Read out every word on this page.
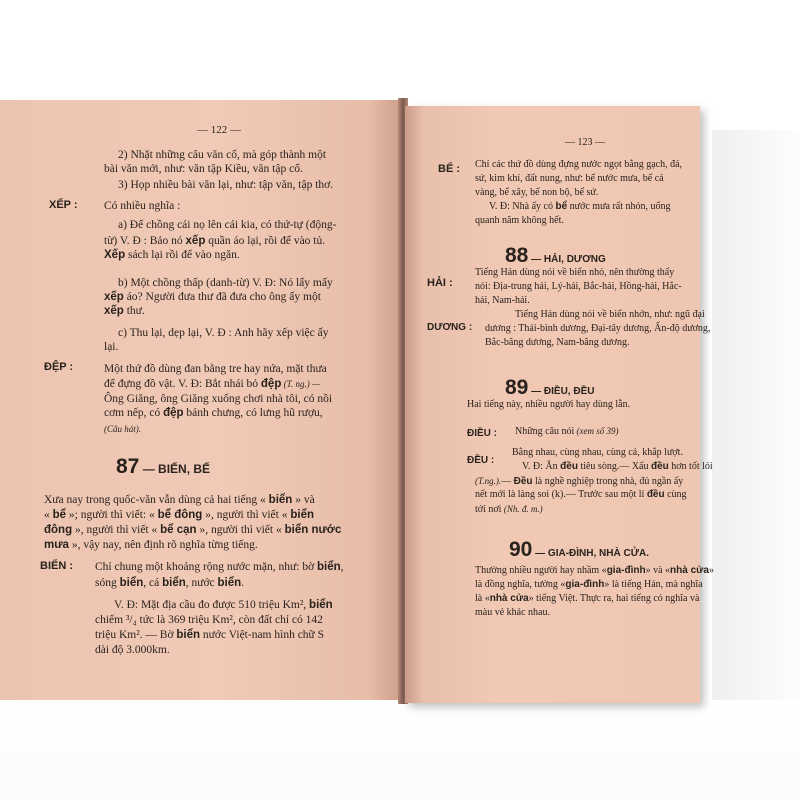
— 122 —
2) Nhặt những câu văn cổ, mà góp thành một
bài văn mới, như: văn tập Kiều, văn tập cổ.
3) Họp nhiều bài văn lại, như: tập văn, tập thơ.
XẾP : Có nhiều nghĩa :
a) Để chồng cái nọ lên cái kia, có thứ-tự (động-
từ) V. Đ : Bảo nó xếp quần áo lại, rồi để vào tủ.
Xếp sách lại rồi để vào ngăn.
b) Một chồng thấp (danh-từ) V. Đ: Nó lấy mấy
xếp áo? Người đưa thư đã đưa cho ông ấy một
xếp thư.
c) Thu lại, dẹp lại, V. Đ : Anh hãy xếp việc ấy
lại.
ĐỆP :	Một thứ đồ dùng đan bằng tre hay nứa, mặt thưa
để đựng đồ vật. V. Đ: Bắt nhái bỏ đệp (T. ng.) —
Ông Giăng, ông Giăng xuống chơi nhà tôi, có nồi
cơm nếp, có đệp bánh chưng, có lưng hũ rượu,
(Câu hát).
87 — BIỂN, BỂ
Xưa nay trong quốc-văn vẫn dùng cả hai tiếng « biển » và
« bể »; người thì viết: « bể đông », người thì viết « biển
đông », người thì viết « bể cạn », người thì viết « biển nước
mưa », vậy nay, nên định rõ nghĩa từng tiếng.
BIỂN : Chỉ chung một khoảng rộng nước mặn, như: bờ biển,
sóng biển, cá biển, nước biển.
V. Đ: Mặt địa cầu đo được 510 triệu Km², biển
chiếm ³/₄ tức là 369 triệu Km², còn đất chỉ có 142
triệu Km². — Bờ biển nước Việt-nam hình chữ S
dài độ 3.000km.
— 123 —
BỂ : Chỉ các thứ đồ dùng đựng nước ngọt bằng gạch, đá,
sứ, kim khí, đất nung, như: bể nước mưa, bể cá
vàng, bể xây, bể non bộ, bể sứ.
V. Đ: Nhà ấy có bể nước mưa rất nhỏn, uống
quanh năm không hết.
88 — HẢI, DƯƠNG
HẢI :
Tiếng Hán dùng nói về biển nhỏ, nên thường thấy
nói: Địa-trung hải, Lý-hải, Bắc-hải, Hồng-hải, Hắc-
hải, Nam-hải.
DƯƠNG :
Tiếng Hán dùng nói về biển nhớn, như: ngũ đại
dương : Thái-bình dương, Đại-tây dương, Ấn-độ dương,
Bắc-băng dương, Nam-băng dương.
89 — ĐIỀU, ĐỀU
Hai tiếng này, nhiều người hay dùng lẫn.
ĐIỀU : Những câu nói (xem số 39)
ĐỀU :
Bằng nhau, cùng nhau, cùng cả, khắp lượt.
V. Đ: Ăn đều tiêu sòng.— Xấu đều hơn tốt lỏi
(T.ng.).— Đều là nghề nghiệp trong nhà, đủ ngần ấy
nết mới là làng soi (k).— Trước sau một lỉ đều cùng
tới nơi (Nh. đ. m.)
90 — GIA-ĐÌNH, NHÀ CỬA.
Thường nhiều người hay nhầm «gia-đình» và «nhà cửa»
là đồng nghĩa, tưởng «gia-đình» là tiếng Hán, mà nghĩa
là «nhà cửa» tiếng Việt. Thực ra, hai tiếng có nghĩa và
màu vẻ khác nhau.
